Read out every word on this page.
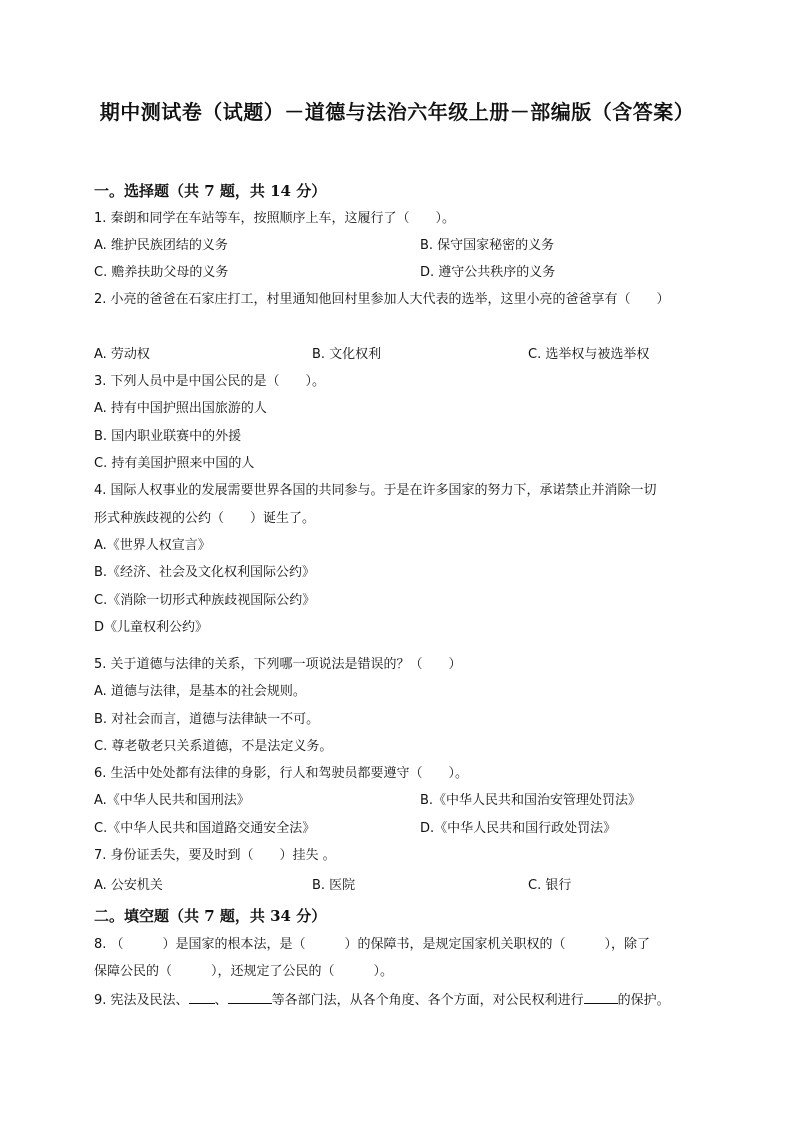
期中测试卷（试题）－道德与法治六年级上册－部编版（含答案）
一。选择题（共 7 题，共 14 分）
1. 秦朗和同学在车站等车，按照顺序上车，这履行了（　　）。
A. 维护民族团结的义务	B. 保守国家秘密的义务
C. 赡养扶助父母的义务	D. 遵守公共秩序的义务
2. 小亮的爸爸在石家庄打工，村里通知他回村里参加人大代表的选举，这里小亮的爸爸享有（　　）
A. 劳动权	B. 文化权利	C. 选举权与被选举权
3. 下列人员中是中国公民的是（　　）。
A. 持有中国护照出国旅游的人
B. 国内职业联赛中的外援
C. 持有美国护照来中国的人
4. 国际人权事业的发展需要世界各国的共同参与。于是在许多国家的努力下，承诺禁止并消除一切
形式种族歧视的公约（　　）诞生了。
A.《世界人权宣言》
B.《经济、社会及文化权利国际公约》
C.《消除一切形式种族歧视国际公约》
D《儿童权利公约》
5. 关于道德与法律的关系，下列哪一项说法是错误的？（　　）
A. 道德与法律，是基本的社会规则。
B. 对社会而言，道德与法律缺一不可。
C. 尊老敬老只关系道德，不是法定义务。
6. 生活中处处都有法律的身影，行人和驾驶员都要遵守（　　）。
A.《中华人民共和国刑法》	B.《中华人民共和国治安管理处罚法》
C.《中华人民共和国道路交通安全法》	D.《中华人民共和国行政处罚法》
7. 身份证丢失，要及时到（　　）挂失 。
A. 公安机关	B. 医院	C. 银行
二。填空题（共 7 题，共 34 分）
8. （　　　）是国家的根本法，是（　　　）的保障书，是规定国家机关职权的（　　　），除了
保障公民的（　　　），还规定了公民的（　　　）。
9. 宪法及民法、 、	等各部门法，从各个角度、各个方面，对公民权利进行	的保护。
